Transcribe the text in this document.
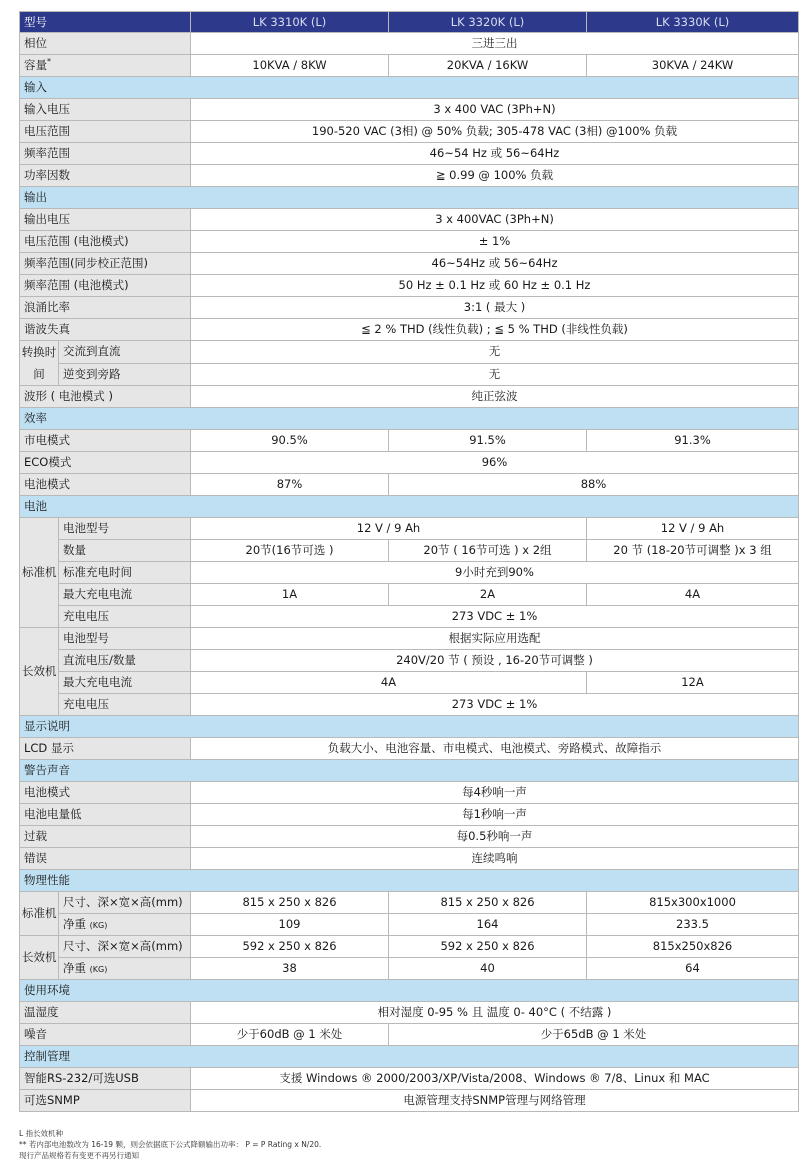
型号		LK 3310K (L)	LK 3320K (L)	LK 3330K (L)
相位		三进三出		
容量*		10KVA / 8KW	20KVA / 16KW	30KVA / 24KW
输入				
输入电压		3 x 400 VAC (3Ph+N)		
电压范围		190-520 VAC (3相) @ 50% 负载; 305-478 VAC (3相) @100% 负载		
频率范围		46~54 Hz 或 56~64Hz		
功率因数		≧ 0.99 @ 100% 负载		
输出				
输出电压		3 x 400VAC (3Ph+N)		
电压范围 (电池模式)		± 1%		
频率范围(同步校正范围)		46~54Hz 或 56~64Hz		
频率范围 (电池模式)		50 Hz ± 0.1 Hz 或 60 Hz ± 0.1 Hz		
浪涌比率		3:1 ( 最大 )		
谐波失真		≦ 2 % THD (线性负载) ; ≦ 5 % THD (非线性负载)		
转换时间	交流到直流	无		
	逆变到旁路	无		
波形 ( 电池模式 )		纯正弦波		
效率				
市电模式		90.5%	91.5%	91.3%
ECO模式		96%		
电池模式		87%	88%	
电池				
标准机	电池型号	12 V / 9 Ah		12 V / 9 Ah
	数量	20节(16节可选 )	20节 ( 16节可选 ) x 2组	20 节 (18-20节可调整 )x 3 组
	标准充电时间	9小时充到90%		
	最大充电电流	1A	2A	4A
	充电电压	273 VDC ± 1%		
长效机	电池型号	根据实际应用选配		
	直流电压/数量	240V/20 节 ( 预设 , 16-20节可调整 )		
	最大充电电流	4A		12A
	充电电压	273 VDC ± 1%		
显示说明				
LCD 显示		负载大小、电池容量、市电模式、电池模式、旁路模式、故障指示		
警告声音				
电池模式		每4秒响一声		
电池电量低		每1秒响一声		
过载		每0.5秒响一声		
错误		连续鸣响		
物理性能				
标准机	尺寸、深×宽×高(mm)	815 x 250 x 826	815 x 250 x 826	815x300x1000
	净重 (KG)	109	164	233.5
长效机	尺寸、深×宽×高(mm)	592 x 250 x 826	592 x 250 x 826	815x250x826
	净重 (KG)	38	40	64
使用环境				
温湿度		相对湿度 0-95 % 且 温度 0- 40°C ( 不结露 )		
噪音		少于60dB @ 1 米处	少于65dB @ 1 米处	
控制管理				
智能RS-232/可选USB		支援 Windows ® 2000/2003/XP/Vista/2008、Windows ® 7/8、Linux 和 MAC		
可选SNMP		电源管理支持SNMP管理与网络管理		
L 指长效机种
** 若内部电池数改为 16-19 颗，则会依据底下公式降额输出功率： P = P Rating x N/20.
现行产品规格若有变更不再另行通知
